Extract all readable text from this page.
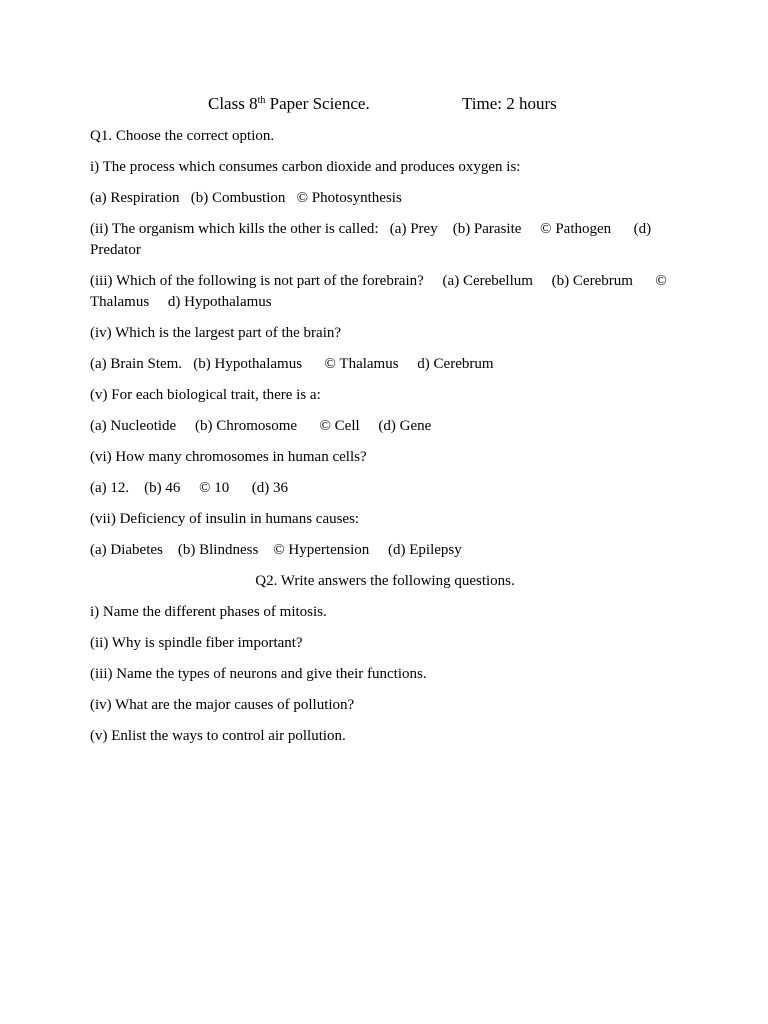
Class 8th Paper Science.	Time: 2 hours

Q1. Choose the correct option.

i) The process which consumes carbon dioxide and produces oxygen is:

(a) Respiration   (b) Combustion   © Photosynthesis

(ii) The organism which kills the other is called:   (a) Prey    (b) Parasite     © Pathogen      (d) Predator

(iii) Which of the following is not part of the forebrain?     (a) Cerebellum     (b) Cerebrum      © Thalamus     d) Hypothalamus

(iv) Which is the largest part of the brain?

(a) Brain Stem.   (b) Hypothalamus      © Thalamus     d) Cerebrum

(v) For each biological trait, there is a:

(a) Nucleotide     (b) Chromosome      © Cell     (d) Gene

(vi) How many chromosomes in human cells?

(a) 12.    (b) 46     © 10      (d) 36

(vii) Deficiency of insulin in humans causes:

(a) Diabetes    (b) Blindness    © Hypertension     (d) Epilepsy

Q2. Write answers the following questions.

i) Name the different phases of mitosis.

(ii) Why is spindle fiber important?

(iii) Name the types of neurons and give their functions.

(iv) What are the major causes of pollution?

(v) Enlist the ways to control air pollution.
